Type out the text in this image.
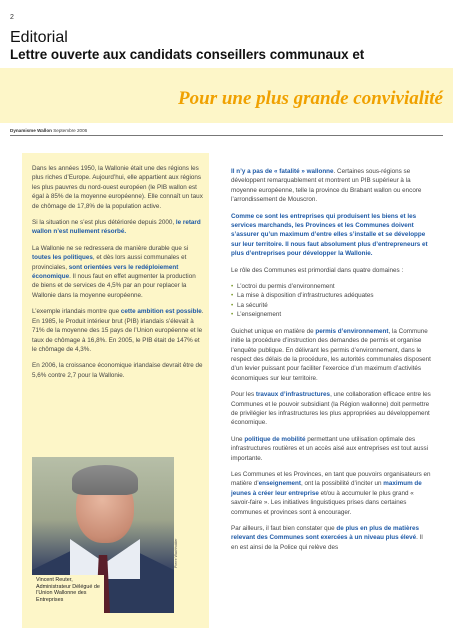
2
Editorial
Lettre ouverte aux candidats conseillers communaux et
Pour une plus grande convivialité
Dynamisme Wallon Septembre 2006

Dans les années 1950, la Wallonie était une des régions les plus riches d’Europe. Aujourd’hui, elle appartient aux régions les plus pauvres du nord-ouest européen (le PIB wallon est égal à 85% de la moyenne européenne). Elle connaît un taux de chômage de 17,8% de la population active.

Si la situation ne s’est plus détériorée depuis 2000, le retard wallon n’est nullement résorbé.

La Wallonie ne se redressera de manière durable que si toutes les politiques, et dès lors aussi communales et provinciales, sont orientées vers le redéploiement économique. Il nous faut en effet augmenter la production de biens et de services de 4,5% par an pour replacer la Wallonie dans la moyenne européenne.

L’exemple irlandais montre que cette ambition est possible. En 1985, le Produit intérieur brut (PIB) irlandais s’élevait à 71% de la moyenne des 15 pays de l’Union européenne et le taux de chômage à 16,8%. En 2005, le PIB était de 147% et le chômage de 4,3%.

En 2006, la croissance économique irlandaise devrait être de 5,6% contre 2,7 pour la Wallonie.

Vincent Reuter, Administrateur Délégué de l’Union Wallonne des Entreprises
Pierre Wachholder

Il n’y a pas de « fatalité » wallonne. Certaines sous-régions se développent remarquablement et montrent un PIB supérieur à la moyenne européenne, telle la province du Brabant wallon ou encore l’arrondissement de Mouscron.

Comme ce sont les entreprises qui produisent les biens et les services marchands, les Provinces et les Communes doivent s’assurer qu’un maximum d’entre elles s’installe et se développe sur leur territoire. Il nous faut absolument plus d’entrepreneurs et plus d’entreprises pour développer la Wallonie.

Le rôle des Communes est primordial dans quatre domaines :

• L’octroi du permis d’environnement
• La mise à disposition d’infrastructures adéquates
• La sécurité
• L’enseignement

Guichet unique en matière de permis d’environnement, la Commune initie la procédure d’instruction des demandes de permis et organise l’enquête publique. En délivrant les permis d’environnement, dans le respect des délais de la procédure, les autorités communales disposent d’un levier puissant pour faciliter l’exercice d’un maximum d’activités économiques sur leur territoire.

Pour les travaux d’infrastructures, une collaboration efficace entre les Communes et le pouvoir subsidiant (la Région wallonne) doit permettre de privilégier les infrastructures les plus appropriées au développement économique.

Une politique de mobilité permettant une utilisation optimale des infrastructures routières et un accès aisé aux entreprises est tout aussi importante.

Les Communes et les Provinces, en tant que pouvoirs organisateurs en matière d’enseignement, ont la possibilité d’inciter un maximum de jeunes à créer leur entreprise et/ou à accumuler le plus grand « savoir-faire ». Les initiatives linguistiques prises dans certaines communes et provinces sont à encourager.

Par ailleurs, il faut bien constater que de plus en plus de matières relevant des Communes sont exercées à un niveau plus élevé. Il en est ainsi de la Police qui relève des
